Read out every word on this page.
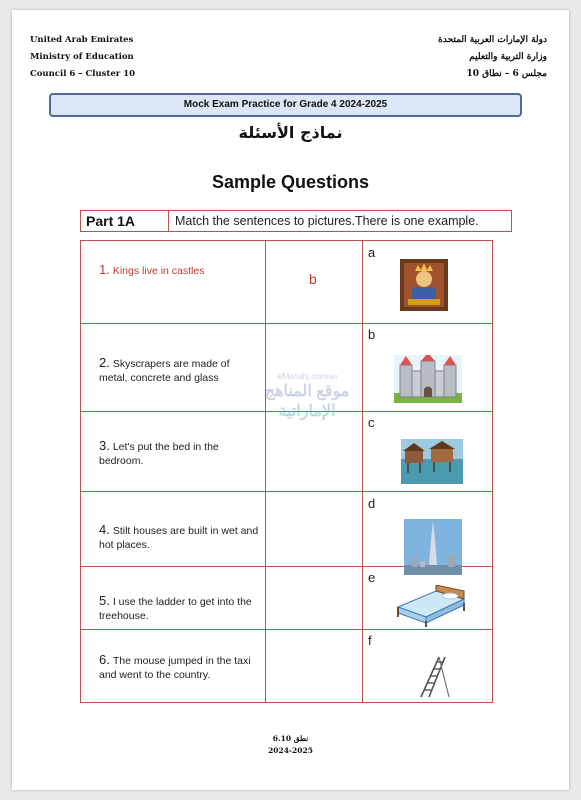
United Arab Emirates
Ministry of Education
Council 6 – Cluster 10
دولة الإمارات العربية المتحدة
وزارة التربية والتعليم
مجلس 6 – نطاق 10
Mock Exam Practice for Grade 4 2024-2025
نماذج الأسئلة
Sample Questions
Part 1A	Match the sentences to pictures.There is one example.
1. Kings live in castles	b
a
2. Skyscrapers are made of metal, concrete and glass
b
3. Let's put the bed in the bedroom.
c
4. Stilt houses are built in wet and hot places.
d
5. I use the ladder to get into the treehouse.
e
6. The mouse jumped in the taxi and went to the country.
f
alManahj.com/ae
موقع المناهج الإماراتية
نطق 6.10
2024-2025
